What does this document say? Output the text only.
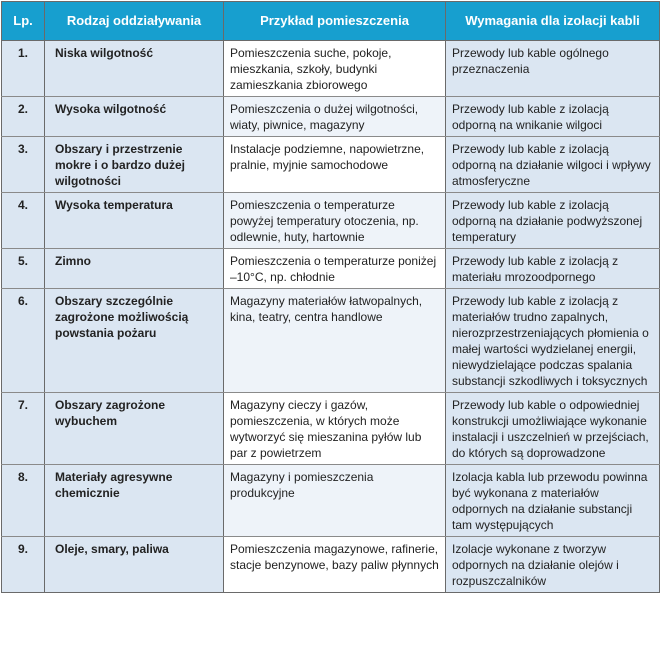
Lp.	Rodzaj oddziaływania	Przykład pomieszczenia	Wymagania dla izolacji kabli
1.	Niska wilgotność	Pomieszczenia suche, pokoje, mieszkania, szkoły, budynki zamieszkania zbiorowego	Przewody lub kable ogólnego przeznaczenia
2.	Wysoka wilgotność	Pomieszczenia o dużej wilgotności, wiaty, piwnice, magazyny	Przewody lub kable z izolacją odporną na wnikanie wilgoci
3.	Obszary i przestrzenie mokre i o bardzo dużej wilgotności	Instalacje podziemne, napowietrzne, pralnie, myjnie samochodowe	Przewody lub kable z izolacją odporną na działanie wilgoci i wpływy atmosferyczne
4.	Wysoka temperatura	Pomieszczenia o temperaturze powyżej temperatury otoczenia, np. odlewnie, huty, hartownie	Przewody lub kable z izolacją odporną na działanie podwyższonej temperatury
5.	Zimno	Pomieszczenia o temperaturze poniżej –10°C, np. chłodnie	Przewody lub kable z izolacją z materiału mrozoodpornego
6.	Obszary szczególnie zagrożone możliwością powstania pożaru	Magazyny materiałów łatwopalnych, kina, teatry, centra handlowe	Przewody lub kable z izolacją z materiałów trudno zapalnych, nierozprzestrzeniających płomienia o małej wartości wydzielanej energii, niewydzielające podczas spalania substancji szkodliwych i toksycznych
7.	Obszary zagrożone wybuchem	Magazyny cieczy i gazów, pomieszczenia, w których może wytworzyć się mieszanina pyłów lub par z powietrzem	Przewody lub kable o odpowiedniej konstrukcji umożliwiające wykonanie instalacji i uszczelnień w przejściach, do których są doprowadzone
8.	Materiały agresywne chemicznie	Magazyny i pomieszczenia produkcyjne	Izolacja kabla lub przewodu powinna być wykonana z materiałów odpornych na działanie substancji tam występujących
9.	Oleje, smary, paliwa	Pomieszczenia magazynowe, rafinerie, stacje benzynowe, bazy paliw płynnych	Izolacje wykonane z tworzyw odpornych na działanie olejów i rozpuszczalników
